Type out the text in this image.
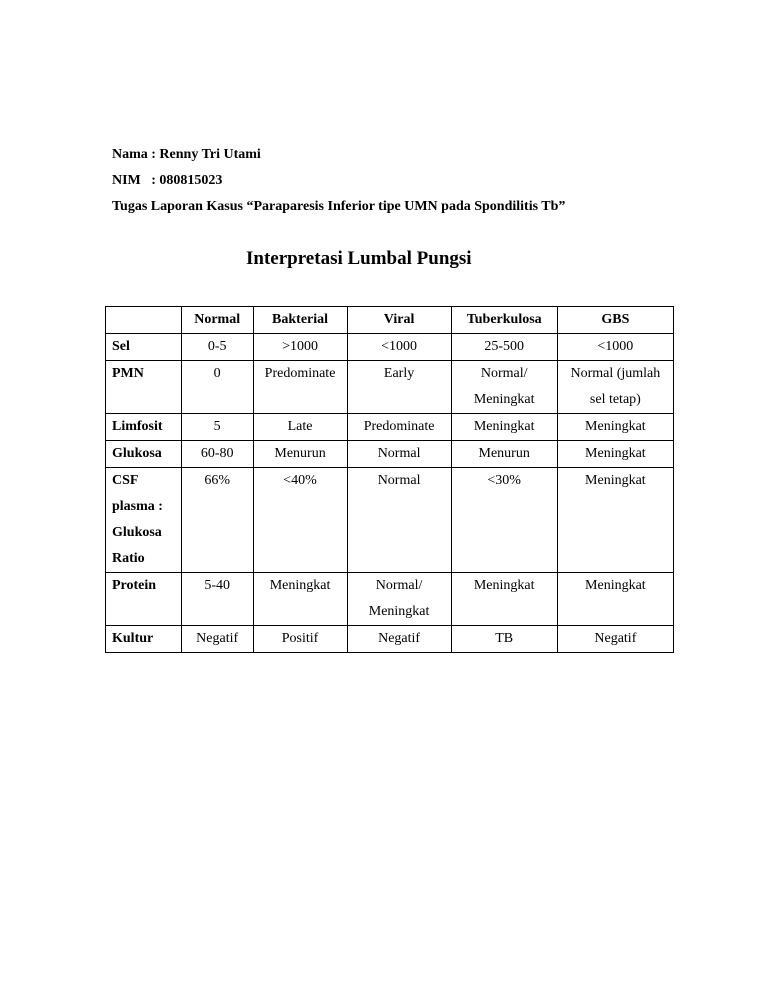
Nama : Renny Tri Utami
NIM   : 080815023
Tugas Laporan Kasus “Paraparesis Inferior tipe UMN pada Spondilitis Tb”
Interpretasi Lumbal Pungsi
	Normal	Bakterial	Viral	Tuberkulosa	GBS
Sel	0-5	>1000	<1000	25-500	<1000
PMN	0	Predominate	Early	Normal/ Meningkat	Normal (jumlah sel tetap)
Limfosit	5	Late	Predominate	Meningkat	Meningkat
Glukosa	60-80	Menurun	Normal	Menurun	Meningkat
CSF plasma : Glukosa Ratio	66%	<40%	Normal	<30%	Meningkat
Protein	5-40	Meningkat	Normal/ Meningkat	Meningkat	Meningkat
Kultur	Negatif	Positif	Negatif	TB	Negatif
